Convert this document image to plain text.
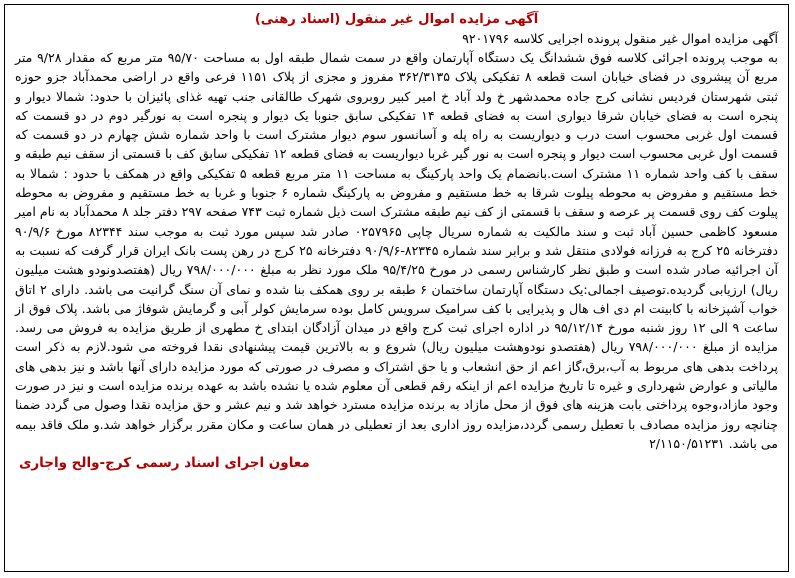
آگهی مزایده اموال غیر منقول (اسناد رهنی)
آگهی مزایده اموال غیر منقول پرونده اجرایی کلاسه ۹۲۰۱۷۹۶
به موجب پرونده اجرائی کلاسه فوق ششدانگ یک دستگاه آپارتمان واقع در سمت شمال طبقه اول به مساحت ۹۵/۷۰ متر مربع که مقدار ۹/۲۸ متر مربع آن پیشروی در فضای خیابان است قطعه ۸ تفکیکی پلاک ۳۶۲/۳۱۳۵ مفروز و مجزی از پلاک ۱۱۵۱ فرعی واقع در اراضی محمدآباد جزو حوزه ثبتی شهرستان فردیس نشانی کرج جاده محمدشهر خ ولد آباد خ امیر کبیر روبروی شهرک طالقانی جنب تهیه غذای پائیزان با حدود: شمالا دیوار و پنجره است به فضای خیابان شرقا دیواری است به فضای قطعه ۱۴ تفکیکی سابق جنوبا یک دیوار و پنجره است به نورگیر دوم در دو قسمت که قسمت اول غربی محسوب است درب و دیواریست به راه پله و آسانسور سوم دیوار مشترک است با واحد شماره شش چهارم در دو قسمت که قسمت اول غربی محسوب است دیوار و پنجره است به نور گیر غربا دیواریست به فضای قطعه ۱۲ تفکیکی سابق کف با قسمتی از سقف نیم طبقه و سقف با کف واحد شماره ۱۱ مشترک است.بانضمام یک واحد پارکینگ به مساحت ۱۱ متر مربع قطعه ۵ تفکیکی واقع در همکف با حدود : شمالا به خط مستقیم و مفروض به محوطه پیلوت شرقا به خط مستقیم و مفروض به پارکینگ شماره ۶ جنوبا و غربا به خط مستقیم و مفروض به محوطه پیلوت کف روی قسمت پر عرصه و سقف با قسمتی از کف نیم طبقه مشترک است ذیل شماره ثبت ۷۴۳ صفحه ۲۹۷ دفتر جلد ۸ محمدآباد به نام امیر مسعود کاظمی حسین آباد ثبت و سند مالکیت به شماره سریال چاپی ۰۲۵۷۹۶۵ صادر شد سپس مورد ثبت به موجب سند ۸۲۳۴۴ مورخ ۹۰/۹/۶ دفترخانه ۲۵ کرج به فرزانه فولادی منتقل شد و برابر سند شماره ۸۲۳۴۵-۹۰/۹/۶ دفترخانه ۲۵ کرج در رهن پست بانک ایران قرار گرفت که نسبت به آن اجرائیه صادر شده است و طبق نظر کارشناس رسمی در مورخ ۹۵/۴/۲۵ ملک مورد نظر به مبلغ ۷۹۸/۰۰۰/۰۰۰ ریال (هفتصدونودو هشت میلیون ریال) ارزیابی گردیده.توصیف اجمالی:یک دستگاه آپارتمان ساختمان ۶ طبقه بر روی همکف بنا شده و نمای آن سنگ گرانیت می باشد. دارای ۲ اتاق خواب آشپزخانه با کابینت ام دی اف هال و پذیرایی با کف سرامیک سرویس کامل بوده سرمایش کولر آبی و گرمایش شوفاژ می باشد. پلاک فوق از ساعت ۹ الی ۱۲ روز شنبه مورخ ۹۵/۱۲/۱۴ در اداره اجرای ثبت کرج واقع در میدان آزادگان ابتدای خ مطهری از طریق مزایده به فروش می رسد. مزایده از مبلغ ۷۹۸/۰۰۰/۰۰۰ ریال (هفتصدو نودوهشت میلیون ریال) شروع و به بالاترین قیمت پیشنهادی نقدا فروخته می شود.لازم به ذکر است پرداخت بدهی های مربوط به آب،برق،گاز اعم از حق انشعاب و یا حق اشتراک و مصرف در صورتی که مورد مزایده دارای آنها باشد و نیز بدهی های مالیاتی و عوارض شهرداری و غیره تا تاریخ مزایده اعم از اینکه رقم قطعی آن معلوم شده یا نشده باشد به عهده برنده مزایده است و نیز در صورت وجود مازاد،وجوه پرداختی بابت هزینه های فوق از محل مازاد به برنده مزایده مسترد خواهد شد و نیم عشر و حق مزایده نقدا وصول می گردد ضمنا چنانچه روز مزایده مصادف با تعطیل رسمی گردد،مزایده روز اداری بعد از تعطیلی در همان ساعت و مکان مقرر برگزار خواهد شد.و ملک فاقد بیمه می باشد. ۲/۱۱۵۰/۵۱۲۳۱
معاون اجرای اسناد رسمی کرج-والح واجاری
